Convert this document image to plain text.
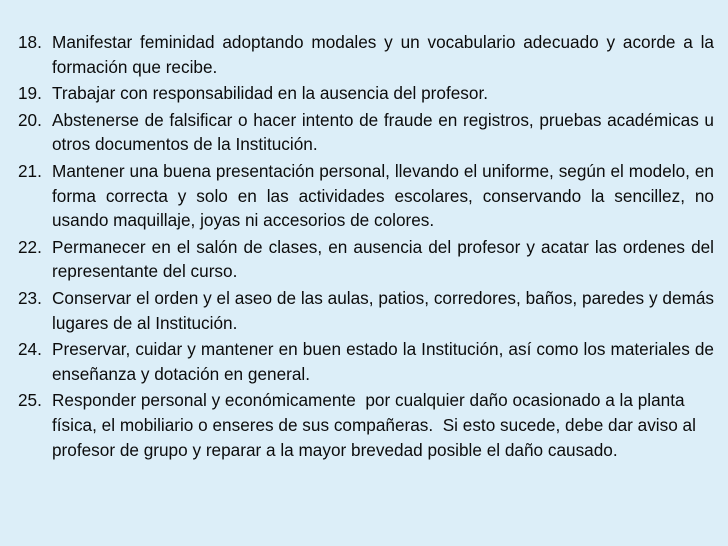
18. Manifestar feminidad adoptando modales y un vocabulario adecuado y acorde a la formación que recibe.
19. Trabajar con responsabilidad en la ausencia del profesor.
20. Abstenerse de falsificar o hacer intento de fraude en registros, pruebas académicas u otros documentos de la Institución.
21. Mantener una buena presentación personal, llevando el uniforme, según el modelo, en forma correcta y solo en las actividades escolares, conservando la sencillez, no usando maquillaje, joyas ni accesorios de colores.
22. Permanecer en el salón de clases, en ausencia del profesor y acatar las ordenes del representante del curso.
23. Conservar el orden y el aseo de las aulas, patios, corredores, baños, paredes y demás lugares de al Institución.
24. Preservar, cuidar y mantener en buen estado la Institución, así como los materiales de enseñanza y dotación en general.
25. Responder personal y económicamente  por cualquier daño ocasionado a la planta física, el mobiliario o enseres de sus compañeras.  Si esto sucede, debe dar aviso al profesor de grupo y reparar a la mayor brevedad posible el daño causado.
